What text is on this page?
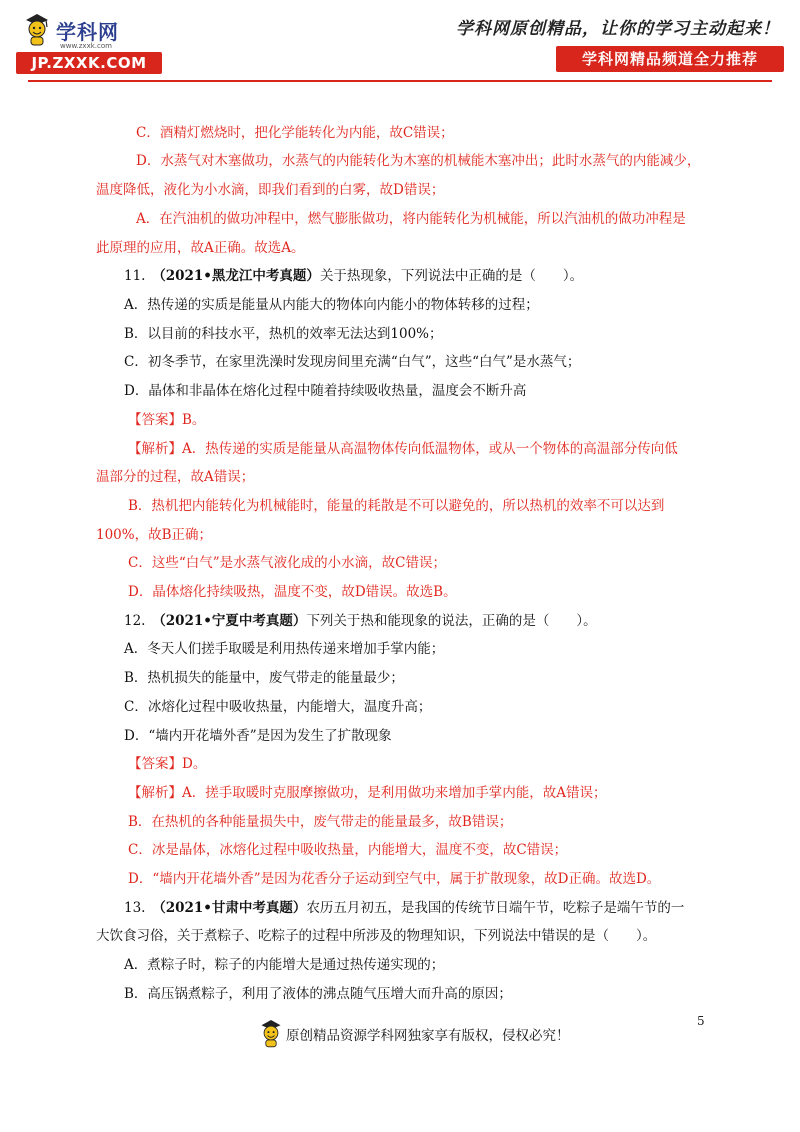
学科网
www.zxxk.com
JP.ZXXK.COM
学科网原创精品，让你的学习主动起来！
学科网精品频道全力推荐
C．酒精灯燃烧时，把化学能转化为内能，故C错误；
D．水蒸气对木塞做功，水蒸气的内能转化为木塞的机械能木塞冲出；此时水蒸气的内能减少，
温度降低，液化为小水滴，即我们看到的白雾，故D错误；
A．在汽油机的做功冲程中，燃气膨胀做功，将内能转化为机械能，所以汽油机的做功冲程是
此原理的应用，故A正确。故选A。
11.　（2021•黑龙江中考真题）关于热现象，下列说法中正确的是（　　）。
A．热传递的实质是能量从内能大的物体向内能小的物体转移的过程；
B．以目前的科技水平，热机的效率无法达到100%；
C．初冬季节，在家里洗澡时发现房间里充满“白气”，这些“白气”是水蒸气；
D．晶体和非晶体在熔化过程中随着持续吸收热量，温度会不断升高
【答案】B。
【解析】A．热传递的实质是能量从高温物体传向低温物体，或从一个物体的高温部分传向低
温部分的过程，故A错误；
B．热机把内能转化为机械能时，能量的耗散是不可以避免的，所以热机的效率不可以达到
100%，故B正确；
C．这些“白气”是水蒸气液化成的小水滴，故C错误；
D．晶体熔化持续吸热，温度不变，故D错误。故选B。
12.　（2021•宁夏中考真题）下列关于热和能现象的说法，正确的是（　　）。
A．冬天人们搓手取暖是利用热传递来增加手掌内能；
B．热机损失的能量中，废气带走的能量最少；
C．冰熔化过程中吸收热量，内能增大，温度升高；
D．“墙内开花墙外香”是因为发生了扩散现象
【答案】D。
【解析】A．搓手取暖时克服摩擦做功，是利用做功来增加手掌内能，故A错误；
B．在热机的各种能量损失中，废气带走的能量最多，故B错误；
C．冰是晶体，冰熔化过程中吸收热量，内能增大，温度不变，故C错误；
D．“墙内开花墙外香”是因为花香分子运动到空气中，属于扩散现象，故D正确。故选D。
13.　（2021•甘肃中考真题）农历五月初五，是我国的传统节日端午节，吃粽子是端午节的一
大饮食习俗，关于煮粽子、吃粽子的过程中所涉及的物理知识，下列说法中错误的是（　　）。
A．煮粽子时，粽子的内能增大是通过热传递实现的；
B．高压锅煮粽子，利用了液体的沸点随气压增大而升高的原因；
5
原创精品资源学科网独家享有版权，侵权必究！
